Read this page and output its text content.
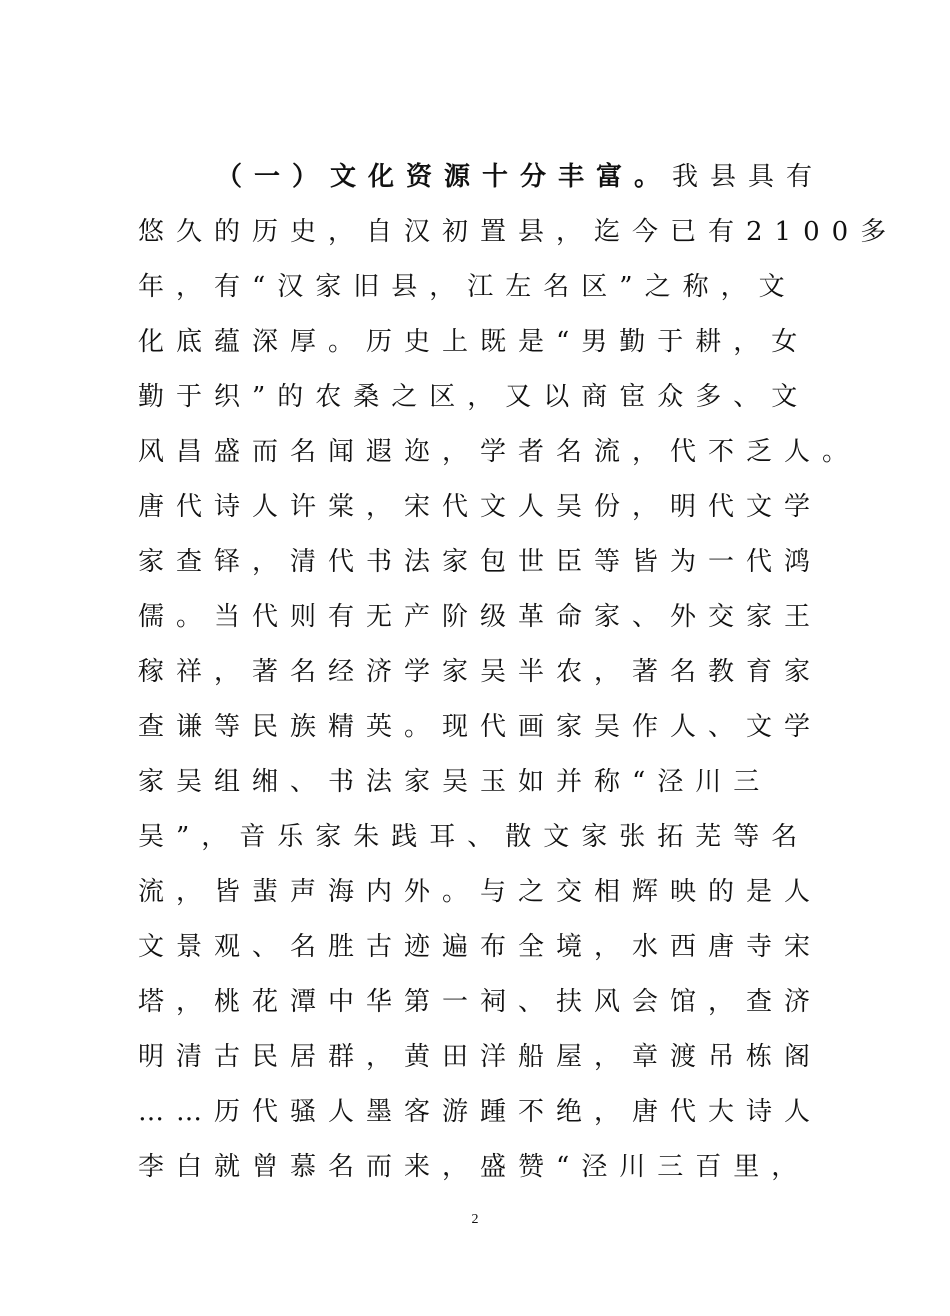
（一）文化资源十分丰富。我县具有
悠久的历史，自汉初置县，迄今已有2100多
年，有“汉家旧县，江左名区”之称，文
化底蕴深厚。历史上既是“男勤于耕，女
勤于织”的农桑之区，又以商宦众多、文
风昌盛而名闻遐迩，学者名流，代不乏人。
唐代诗人许棠，宋代文人吴份，明代文学
家查铎，清代书法家包世臣等皆为一代鸿
儒。当代则有无产阶级革命家、外交家王
稼祥，著名经济学家吴半农，著名教育家
查谦等民族精英。现代画家吴作人、文学
家吴组缃、书法家吴玉如并称“泾川三
吴”，音乐家朱践耳、散文家张拓芜等名
流，皆蜚声海内外。与之交相辉映的是人
文景观、名胜古迹遍布全境，水西唐寺宋
塔，桃花潭中华第一祠、扶风会馆，查济
明清古民居群，黄田洋船屋，章渡吊栋阁
……历代骚人墨客游踵不绝，唐代大诗人
李白就曾慕名而来，盛赞“泾川三百里，
2
